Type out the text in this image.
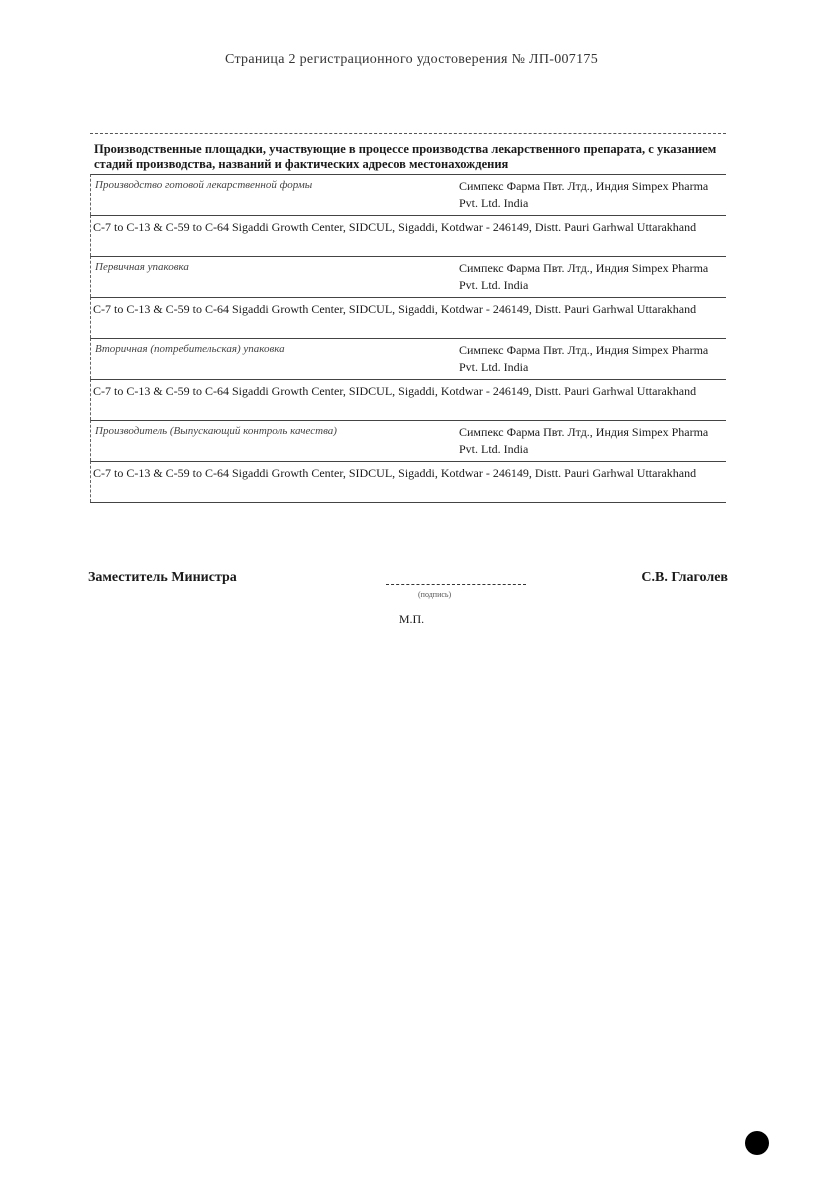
Страница 2 регистрационного удостоверения № ЛП-007175
Производственные площадки, участвующие в процессе производства лекарственного препарата, с указанием стадий производства, названий и фактических адресов местонахождения
Производство готовой лекарственной формы	Симпекс Фарма Пвт. Лтд., Индия Simpex Pharma Pvt. Ltd. India
C-7 to C-13 & C-59 to C-64 Sigaddi Growth Center, SIDCUL, Sigaddi, Kotdwar - 246149, Distt. Pauri Garhwal Uttarakhand
Первичная упаковка	Симпекс Фарма Пвт. Лтд., Индия Simpex Pharma Pvt. Ltd. India
C-7 to C-13 & C-59 to C-64 Sigaddi Growth Center, SIDCUL, Sigaddi, Kotdwar - 246149, Distt. Pauri Garhwal Uttarakhand
Вторичная (потребительская) упаковка	Симпекс Фарма Пвт. Лтд., Индия Simpex Pharma Pvt. Ltd. India
C-7 to C-13 & C-59 to C-64 Sigaddi Growth Center, SIDCUL, Sigaddi, Kotdwar - 246149, Distt. Pauri Garhwal Uttarakhand
Производитель (Выпускающий контроль качества)	Симпекс Фарма Пвт. Лтд., Индия Simpex Pharma Pvt. Ltd. India
C-7 to C-13 & C-59 to C-64 Sigaddi Growth Center, SIDCUL, Sigaddi, Kotdwar - 246149, Distt. Pauri Garhwal Uttarakhand
Заместитель Министра
(подпись)
С.В. Глаголев
М.П.
